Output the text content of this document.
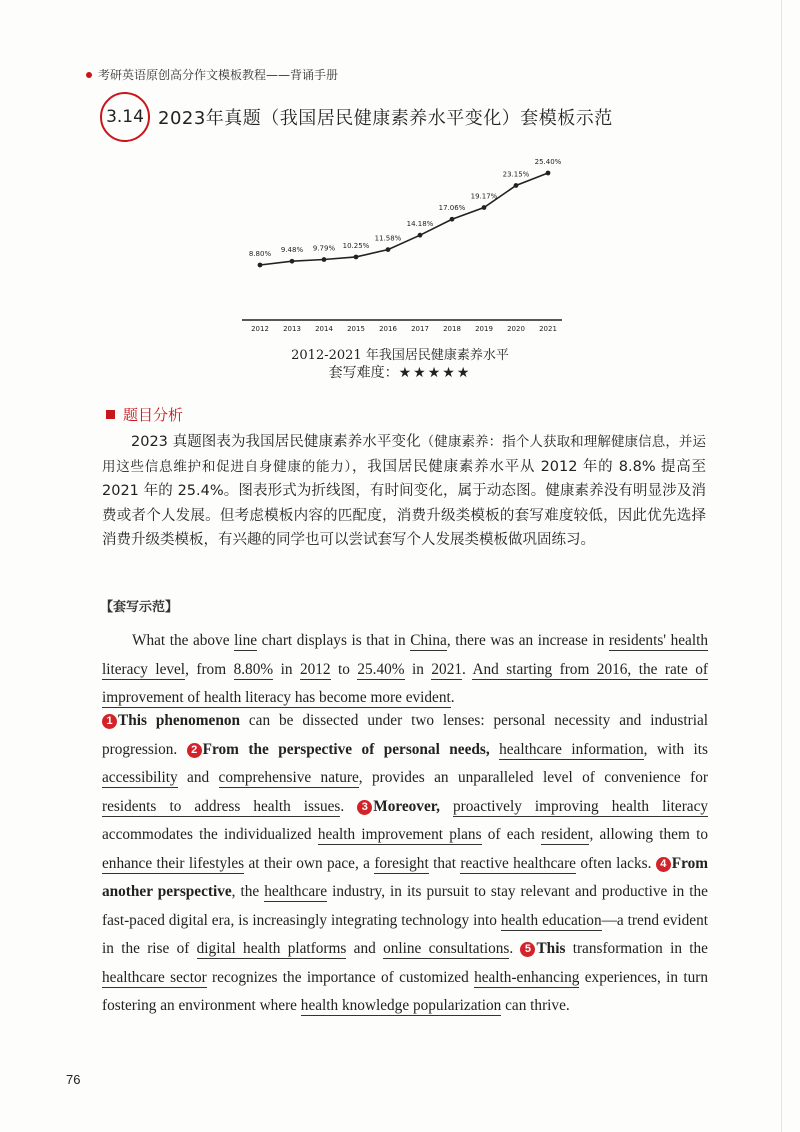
考研英语原创高分作文模板教程——背诵手册
3.14 2023年真题（我国居民健康素养水平变化）套模板示范
8.80%
2012
9.48%
2013
9.79%
2014
10.25%
2015
11.58%
2016
14.18%
2017
17.06%
2018
19.17%
2019
23.15%
2020
25.40%
2021
2012-2021 年我国居民健康素养水平
套写难度：★★★★★
题目分析
2023 真题图表为我国居民健康素养水平变化（健康素养：指个人获取和理解健康信息，并运用这些信息维护和促进自身健康的能力），我国居民健康素养水平从 2012 年的 8.8% 提高至 2021 年的 25.4%。图表形式为折线图，有时间变化，属于动态图。健康素养没有明显涉及消费或者个人发展。但考虑模板内容的匹配度，消费升级类模板的套写难度较低，因此优先选择消费升级类模板，有兴趣的同学也可以尝试套写个人发展类模板做巩固练习。
【套写示范】
What the above line chart displays is that in China, there was an increase in residents' health literacy level, from 8.80% in 2012 to 25.40% in 2021. And starting from 2016, the rate of improvement of health literacy has become more evident.
1 This phenomenon can be dissected under two lenses: personal necessity and industrial progression. 2 From the perspective of personal needs, healthcare information, with its accessibility and comprehensive nature, provides an unparalleled level of convenience for residents to address health issues. 3 Moreover, proactively improving health literacy accommodates the individualized health improvement plans of each resident, allowing them to enhance their lifestyles at their own pace, a foresight that reactive healthcare often lacks. 4 From another perspective, the healthcare industry, in its pursuit to stay relevant and productive in the fast-paced digital era, is increasingly integrating technology into health education—a trend evident in the rise of digital health platforms and online consultations. 5 This transformation in the healthcare sector recognizes the importance of customized health-enhancing experiences, in turn fostering an environment where health knowledge popularization can thrive.
76
